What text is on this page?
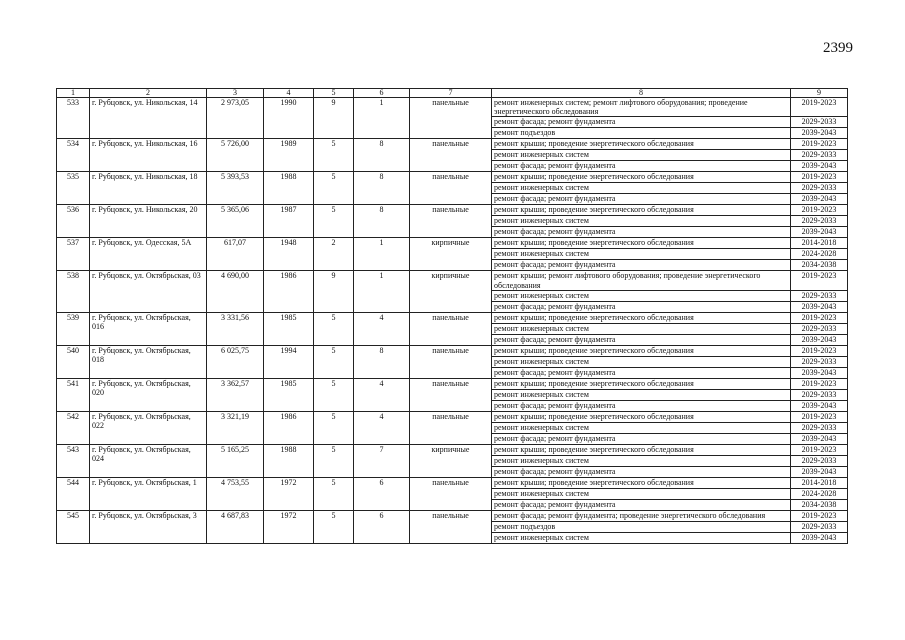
2399
1	2	3	4	5	6	7	8	9
533	г. Рубцовск, ул. Никольская, 14	2 973,05	1990	9	1	панельные	ремонт инженерных систем; ремонт лифтового оборудования; проведение энергетического обследования	2019-2023
							ремонт фасада; ремонт фундамента	2029-2033
							ремонт подъездов	2039-2043
534	г. Рубцовск, ул. Никольская, 16	5 726,00	1989	5	8	панельные	ремонт крыши; проведение энергетического обследования	2019-2023
							ремонт инженерных систем	2029-2033
							ремонт фасада; ремонт фундамента	2039-2043
535	г. Рубцовск, ул. Никольская, 18	5 393,53	1988	5	8	панельные	ремонт крыши; проведение энергетического обследования	2019-2023
							ремонт инженерных систем	2029-2033
							ремонт фасада; ремонт фундамента	2039-2043
536	г. Рубцовск, ул. Никольская, 20	5 365,06	1987	5	8	панельные	ремонт крыши; проведение энергетического обследования	2019-2023
							ремонт инженерных систем	2029-2033
							ремонт фасада; ремонт фундамента	2039-2043
537	г. Рубцовск, ул. Одесская, 5А	617,07	1948	2	1	кирпичные	ремонт крыши; проведение энергетического обследования	2014-2018
							ремонт инженерных систем	2024-2028
							ремонт фасада; ремонт фундамента	2034-2038
538	г. Рубцовск, ул. Октябрьская, 03	4 690,00	1986	9	1	кирпичные	ремонт крыши; ремонт лифтового оборудования; проведение энергетического обследования	2019-2023
							ремонт инженерных систем	2029-2033
							ремонт фасада; ремонт фундамента	2039-2043
539	г. Рубцовск, ул. Октябрьская, 016	3 331,56	1985	5	4	панельные	ремонт крыши; проведение энергетического обследования	2019-2023
							ремонт инженерных систем	2029-2033
							ремонт фасада; ремонт фундамента	2039-2043
540	г. Рубцовск, ул. Октябрьская, 018	6 025,75	1994	5	8	панельные	ремонт крыши; проведение энергетического обследования	2019-2023
							ремонт инженерных систем	2029-2033
							ремонт фасада; ремонт фундамента	2039-2043
541	г. Рубцовск, ул. Октябрьская, 020	3 362,57	1985	5	4	панельные	ремонт крыши; проведение энергетического обследования	2019-2023
							ремонт инженерных систем	2029-2033
							ремонт фасада; ремонт фундамента	2039-2043
542	г. Рубцовск, ул. Октябрьская, 022	3 321,19	1986	5	4	панельные	ремонт крыши; проведение энергетического обследования	2019-2023
							ремонт инженерных систем	2029-2033
							ремонт фасада; ремонт фундамента	2039-2043
543	г. Рубцовск, ул. Октябрьская, 024	5 165,25	1988	5	7	кирпичные	ремонт крыши; проведение энергетического обследования	2019-2023
							ремонт инженерных систем	2029-2033
							ремонт фасада; ремонт фундамента	2039-2043
544	г. Рубцовск, ул. Октябрьская, 1	4 753,55	1972	5	6	панельные	ремонт крыши; проведение энергетического обследования	2014-2018
							ремонт инженерных систем	2024-2028
							ремонт фасада; ремонт фундамента	2034-2038
545	г. Рубцовск, ул. Октябрьская, 3	4 687,83	1972	5	6	панельные	ремонт фасада; ремонт фундамента; проведение энергетического обследования	2019-2023
							ремонт подъездов	2029-2033
							ремонт инженерных систем	2039-2043
